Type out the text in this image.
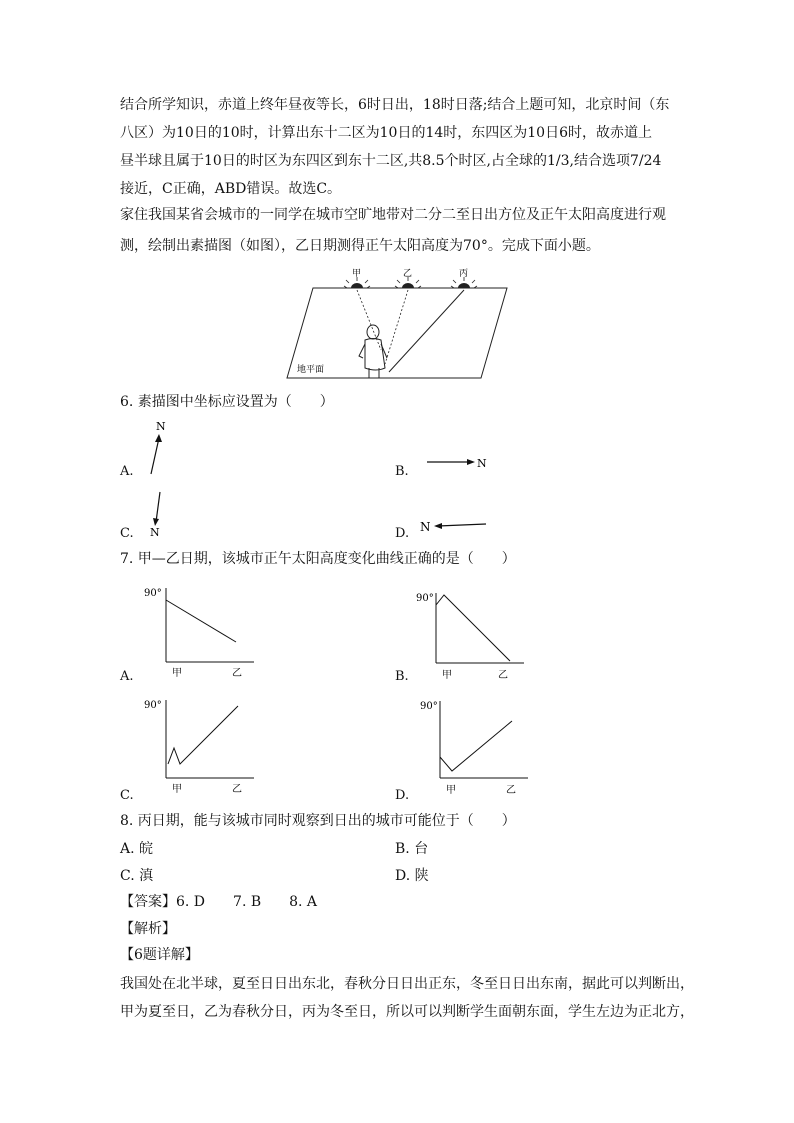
结合所学知识，赤道上终年昼夜等长，6时日出，18时日落;结合上题可知，北京时间（东
八区）为10日的10时，计算出东十二区为10日的14时，东四区为10日6时，故赤道上
昼半球且属于10日的时区为东四区到东十二区,共8.5个时区,占全球的1/3,结合选项7/24
接近，C正确，ABD错误。故选C。
家住我国某省会城市的一同学在城市空旷地带对二分二至日出方位及正午太阳高度进行观
测，绘制出素描图（如图），乙日期测得正午太阳高度为70°。完成下面小题。
甲	乙	丙
地平面
6. 素描图中坐标应设置为（　　）
A.
N
B.
N
C. N	D. N
7. 甲—乙日期，该城市正午太阳高度变化曲线正确的是（　　）
A.
90°
甲	乙	B.
90°
甲	乙
C.
90°
甲	乙	D.
90°
甲	乙
8. 丙日期，能与该城市同时观察到日出的城市可能位于（　　）
A. 皖	B. 台
C. 滇	D. 陕
【答案】6. D　　7. B　　8. A
【解析】
【6题详解】
我国处在北半球，夏至日日出东北，春秋分日日出正东，冬至日日出东南，据此可以判断出，
甲为夏至日，乙为春秋分日，丙为冬至日，所以可以判断学生面朝东面，学生左边为正北方，
